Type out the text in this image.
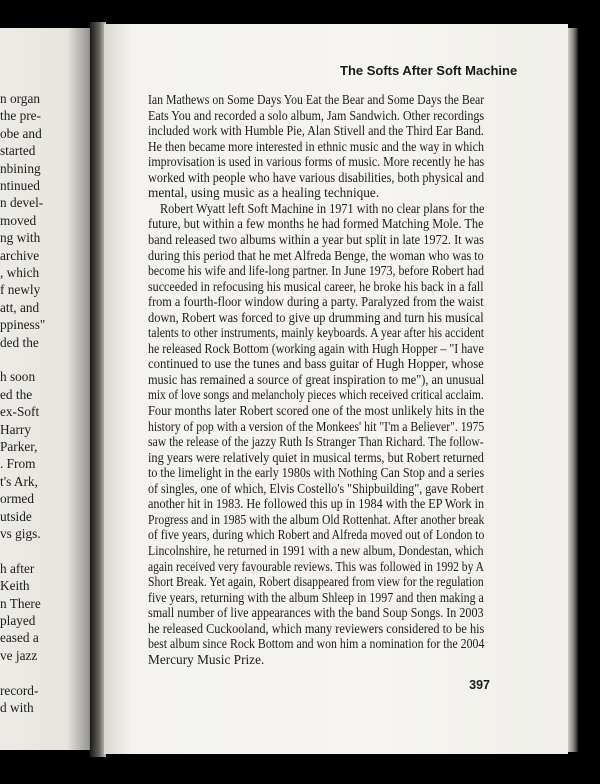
n organ
the pre-
obe and
started
nbining
ntinued
n devel-
moved
ng with
archive
, which
f newly
att, and
ppiness"
ded the
h soon
ed the
ex-Soft
Harry
Parker,
. From
t's Ark,
ormed
utside
vs gigs.
h after
Keith
n There
played
eased a
ve jazz
record-
d with
The Softs After Soft Machine
397
Ian Mathews on Some Days You Eat the Bear and Some Days the Bear
Eats You and recorded a solo album, Jam Sandwich. Other recordings
included work with Humble Pie, Alan Stivell and the Third Ear Band.
He then became more interested in ethnic music and the way in which
improvisation is used in various forms of music. More recently he has
worked with people who have various disabilities, both physical and
mental, using music as a healing technique.
Robert Wyatt left Soft Machine in 1971 with no clear plans for the
future, but within a few months he had formed Matching Mole. The
band released two albums within a year but split in late 1972. It was
during this period that he met Alfreda Benge, the woman who was to
become his wife and life-long partner. In June 1973, before Robert had
succeeded in refocusing his musical career, he broke his back in a fall
from a fourth-floor window during a party. Paralyzed from the waist
down, Robert was forced to give up drumming and turn his musical
talents to other instruments, mainly keyboards. A year after his accident
he released Rock Bottom (working again with Hugh Hopper – "I have
continued to use the tunes and bass guitar of Hugh Hopper, whose
music has remained a source of great inspiration to me"), an unusual
mix of love songs and melancholy pieces which received critical acclaim.
Four months later Robert scored one of the most unlikely hits in the
history of pop with a version of the Monkees' hit "I'm a Believer". 1975
saw the release of the jazzy Ruth Is Stranger Than Richard. The follow-
ing years were relatively quiet in musical terms, but Robert returned
to the limelight in the early 1980s with Nothing Can Stop and a series
of singles, one of which, Elvis Costello's "Shipbuilding", gave Robert
another hit in 1983. He followed this up in 1984 with the EP Work in
Progress and in 1985 with the album Old Rottenhat. After another break
of five years, during which Robert and Alfreda moved out of London to
Lincolnshire, he returned in 1991 with a new album, Dondestan, which
again received very favourable reviews. This was followed in 1992 by A
Short Break. Yet again, Robert disappeared from view for the regulation
five years, returning with the album Shleep in 1997 and then making a
small number of live appearances with the band Soup Songs. In 2003
he released Cuckooland, which many reviewers considered to be his
best album since Rock Bottom and won him a nomination for the 2004
Mercury Music Prize.
